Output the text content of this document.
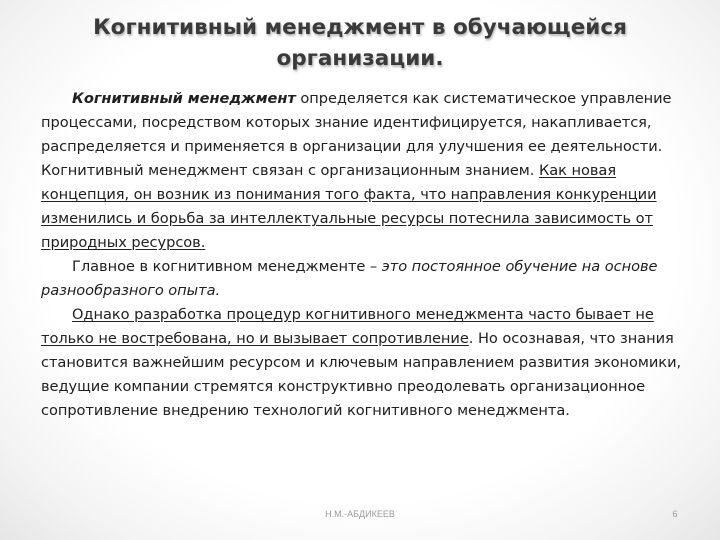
Когнитивный менеджмент в обучающейся организации.

Когнитивный менеджмент определяется как систематическое управление процессами, посредством которых знание идентифицируется, накапливается, распределяется и применяется в организации для улучшения ее деятельности. Когнитивный менеджмент связан с организационным знанием. Как новая концепция, он возник из понимания того факта, что направления конкуренции изменились и борьба за интеллектуальные ресурсы потеснила зависимость от природных ресурсов.

Главное в когнитивном менеджменте – это постоянное обучение на основе разнообразного опыта.

Однако разработка процедур когнитивного менеджмента часто бывает не только не востребована, но и вызывает сопротивление. Но осознавая, что знания становится важнейшим ресурсом и ключевым направлением развития экономики, ведущие компании стремятся конструктивно преодолевать организационное сопротивление внедрению технологий когнитивного менеджмента.

Н.М.-АБДИКЕЕВ	6
